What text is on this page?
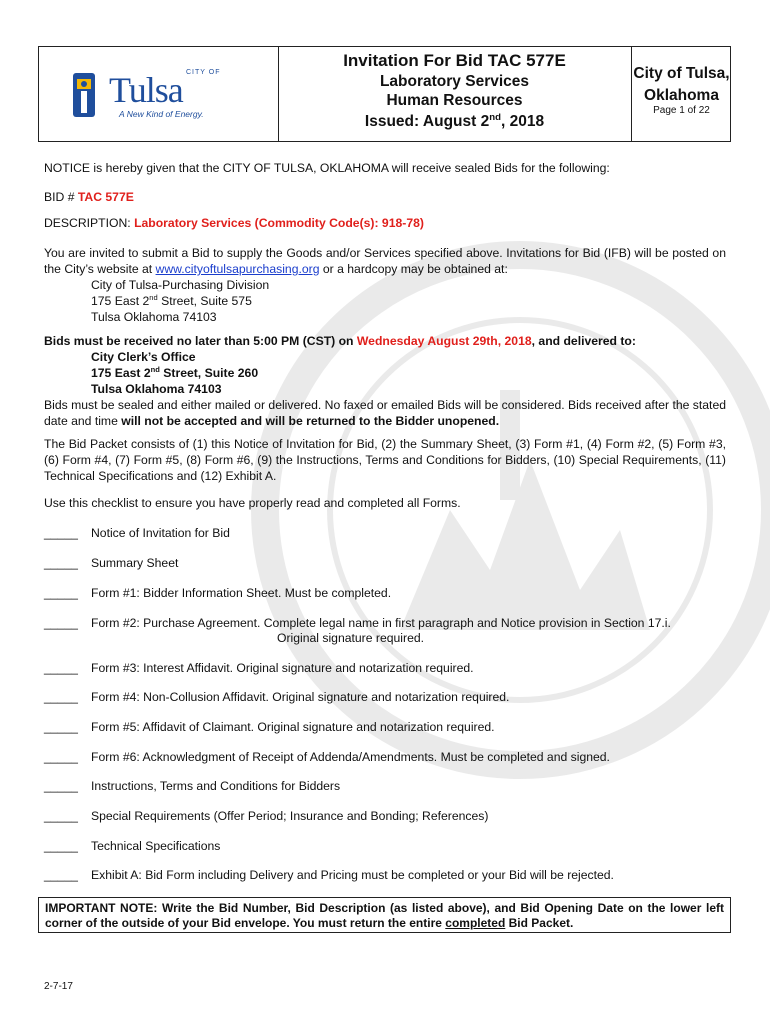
CITY OF
Tulsa
A New Kind of Energy.
Invitation For Bid TAC 577E
Laboratory Services
Human Resources
Issued: August 2nd, 2018
City of Tulsa,
Oklahoma
Page 1 of 22
NOTICE is hereby given that the CITY OF TULSA, OKLAHOMA will receive sealed Bids for the following:
BID # TAC 577E
DESCRIPTION: Laboratory Services (Commodity Code(s): 918-78)
You are invited to submit a Bid to supply the Goods and/or Services specified above. Invitations for Bid (IFB) will be posted on the City’s website at www.cityoftulsapurchasing.org or a hardcopy may be obtained at:
City of Tulsa-Purchasing Division
175 East 2nd Street, Suite 575
Tulsa Oklahoma 74103
Bids must be received no later than 5:00 PM (CST) on Wednesday August 29th, 2018, and delivered to:
City Clerk’s Office
175 East 2nd Street, Suite 260
Tulsa Oklahoma 74103
Bids must be sealed and either mailed or delivered. No faxed or emailed Bids will be considered. Bids received after the stated date and time will not be accepted and will be returned to the Bidder unopened.
The Bid Packet consists of (1) this Notice of Invitation for Bid, (2) the Summary Sheet, (3) Form #1, (4) Form #2, (5) Form #3, (6) Form #4, (7) Form #5, (8) Form #6, (9) the Instructions, Terms and Conditions for Bidders, (10) Special Requirements, (11) Technical Specifications and (12) Exhibit A.
Use this checklist to ensure you have properly read and completed all Forms.
_____ Notice of Invitation for Bid
_____ Summary Sheet
_____ Form #1: Bidder Information Sheet. Must be completed.
_____ Form #2: Purchase Agreement. Complete legal name in first paragraph and Notice provision in Section 17.i.
Original signature required.
_____ Form #3: Interest Affidavit. Original signature and notarization required.
_____ Form #4: Non-Collusion Affidavit. Original signature and notarization required.
_____ Form #5: Affidavit of Claimant. Original signature and notarization required.
_____ Form #6: Acknowledgment of Receipt of Addenda/Amendments. Must be completed and signed.
_____ Instructions, Terms and Conditions for Bidders
_____ Special Requirements (Offer Period; Insurance and Bonding; References)
_____ Technical Specifications
_____ Exhibit A: Bid Form including Delivery and Pricing must be completed or your Bid will be rejected.
IMPORTANT NOTE: Write the Bid Number, Bid Description (as listed above), and Bid Opening Date on the lower left corner of the outside of your Bid envelope. You must return the entire completed Bid Packet.
2-7-17
